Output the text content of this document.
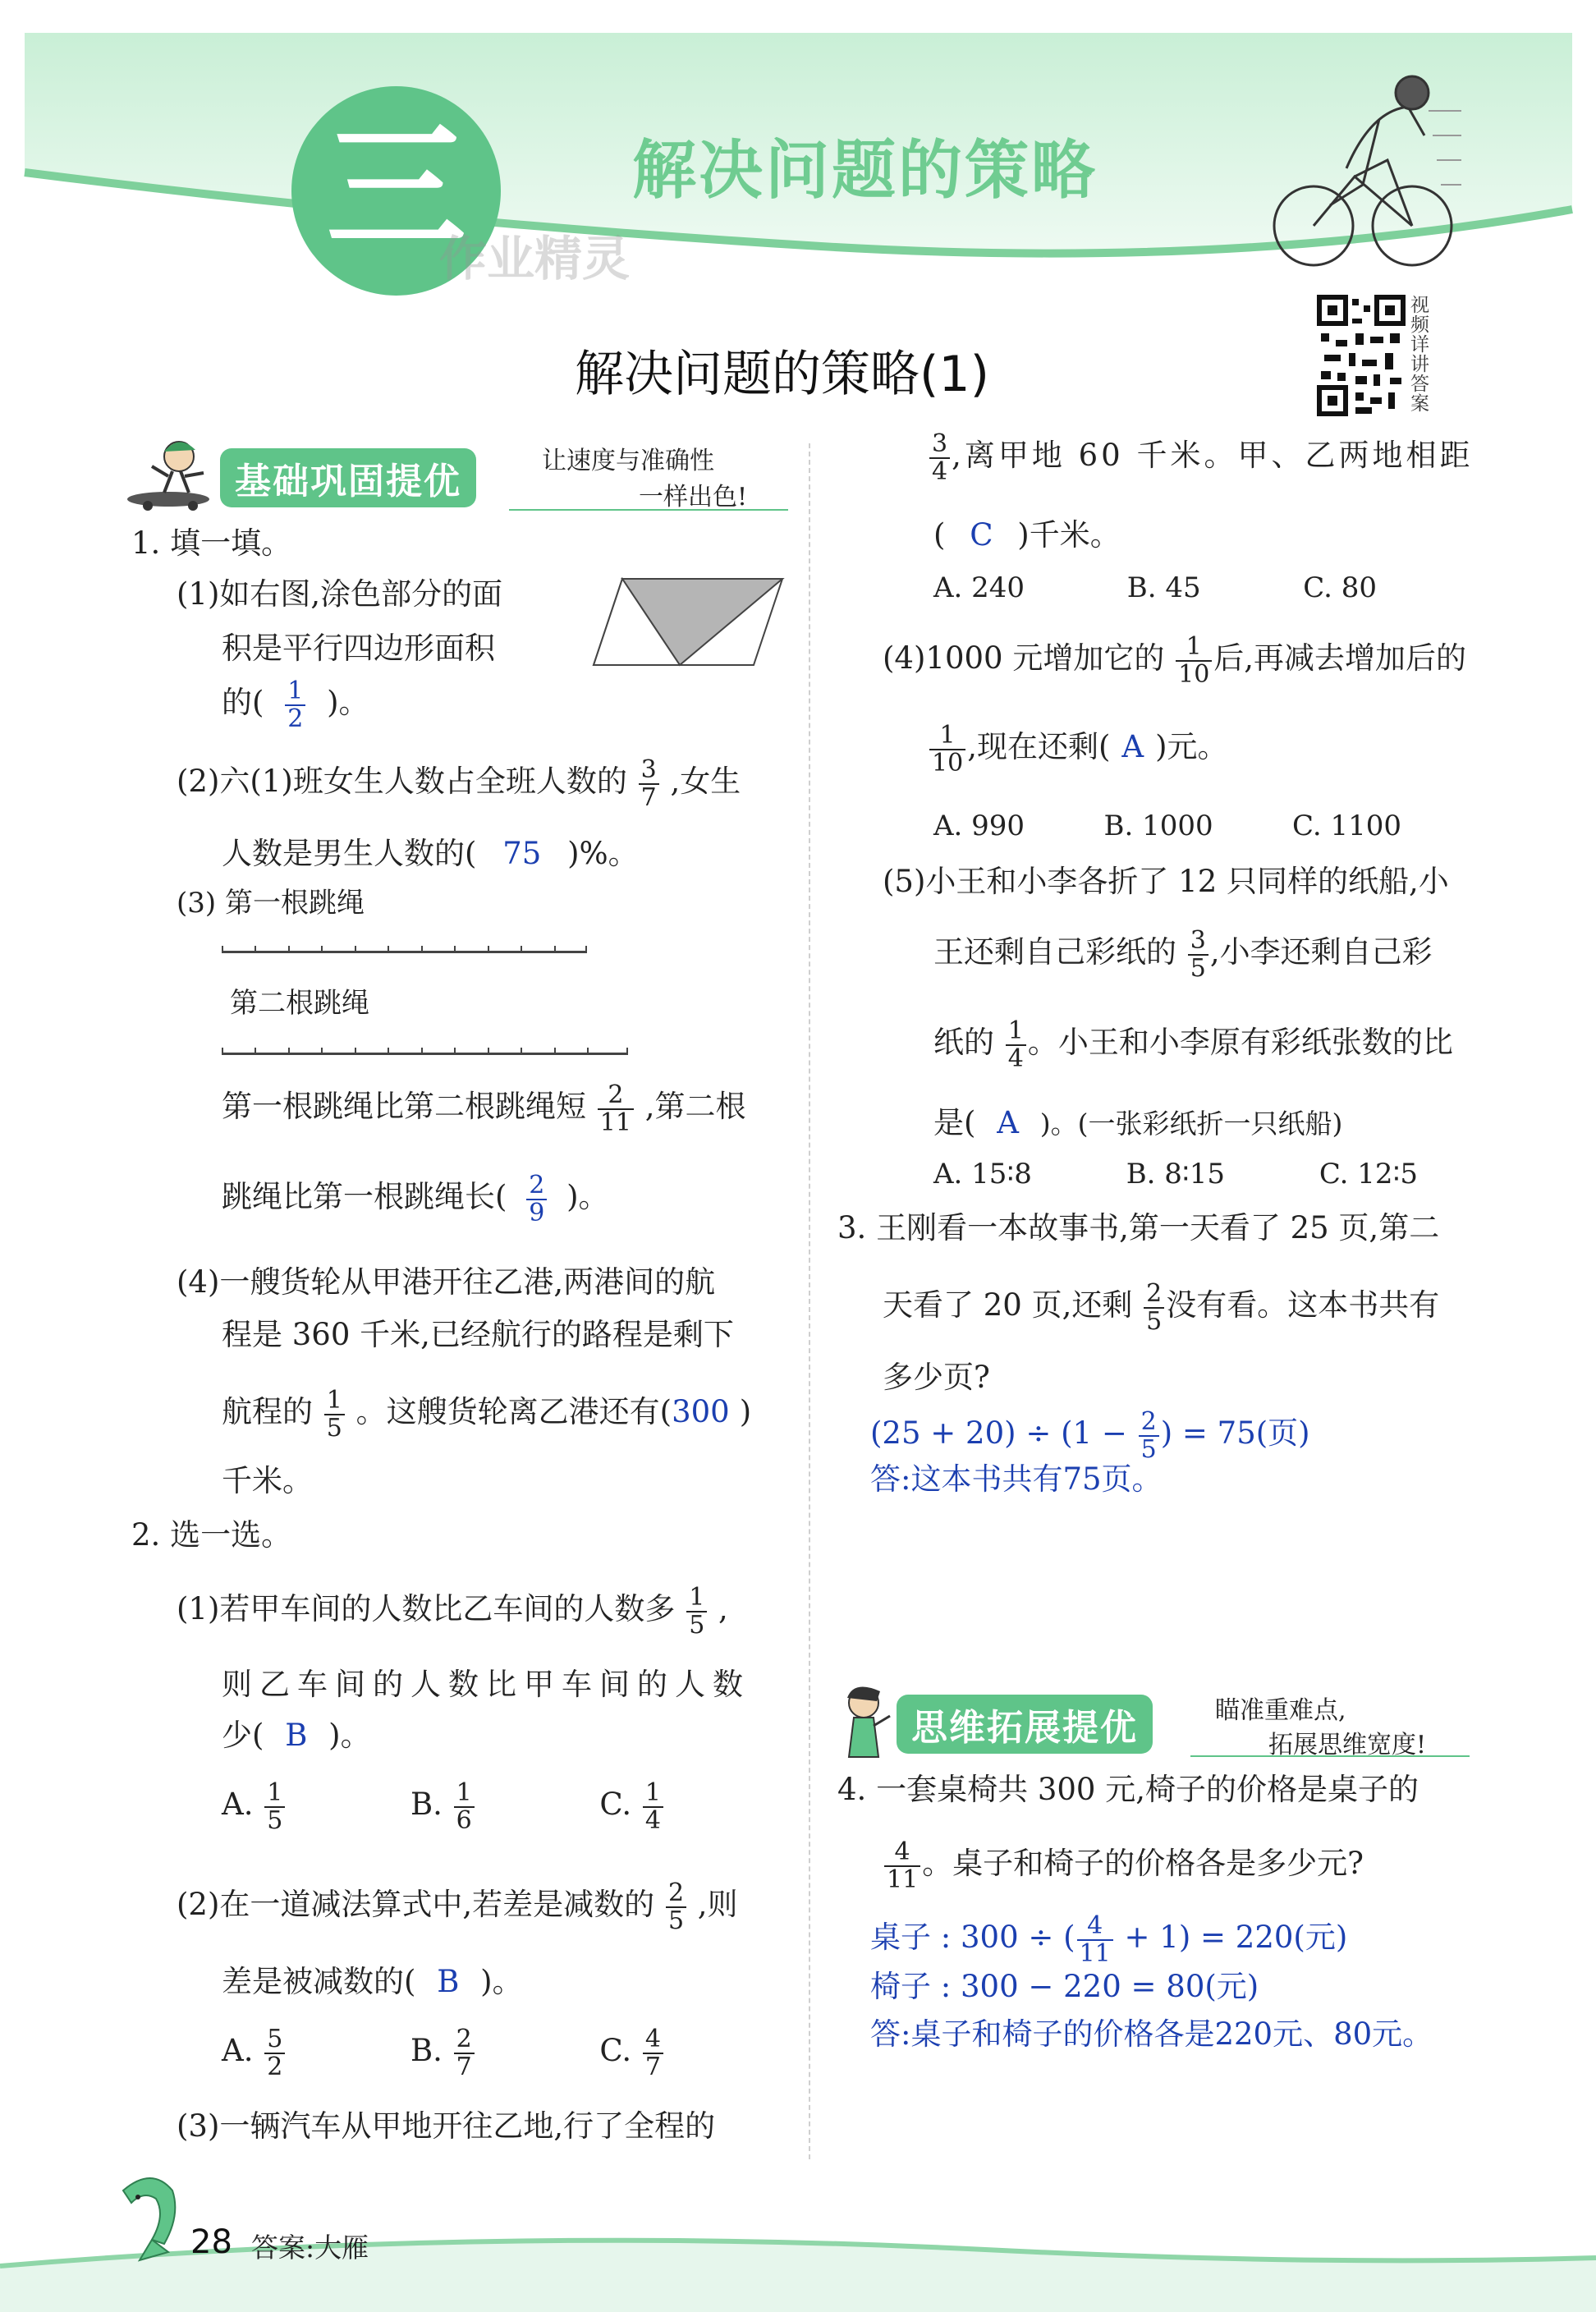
三	解决问题的策略
作业精灵
视频详讲答案
解决问题的策略(1)
基础巩固提优	让速度与准确性
一样出色!
1. 填一填。
(1)如右图,涂色部分的面
积是平行四边形面积
的( $\frac{1}{2}$ )。
(2)六(1)班女生人数占全班人数的 $\frac{3}{7}$ ,女生
人数是男生人数的( 75 )%。
(3) 第一根跳绳
第二根跳绳
第一根跳绳比第二根跳绳短 $\frac{2}{11}$ ,第二根
跳绳比第一根跳绳长( $\frac{2}{9}$ )。
(4)一艘货轮从甲港开往乙港,两港间的航
程是 360 千米,已经航行的路程是剩下
航程的 $\frac{1}{5}$ 。这艘货轮离乙港还有(300 )
千米。
2. 选一选。
(1)若甲车间的人数比乙车间的人数多 $\frac{1}{5}$ ,
则乙车间的人数比甲车间的人数
少( B )。
A. $\frac{1}{5}$	B. $\frac{1}{6}$	C. $\frac{1}{4}$
(2)在一道减法算式中,若差是减数的 $\frac{2}{5}$ ,则
差是被减数的( B )。
A. $\frac{5}{2}$	B. $\frac{2}{7}$	C. $\frac{4}{7}$
(3)一辆汽车从甲地开往乙地,行了全程的
$\frac{3}{4}$ ,离甲地 60 千米。甲、乙两地相距
( C )千米。
A. 240	B. 45	C. 80
(4)1000 元增加它的 $\frac{1}{10}$ 后,再减去增加后的
$\frac{1}{10}$ ,现在还剩( A )元。
A. 990	B. 1000	C. 1100
(5)小王和小李各折了 12 只同样的纸船,小
王还剩自己彩纸的 $\frac{3}{5}$ ,小李还剩自己彩
纸的 $\frac{1}{4}$ 。小王和小李原有彩纸张数的比
是( A )。(一张彩纸折一只纸船)
A. 15∶8	B. 8∶15	C. 12∶5
3. 王刚看一本故事书,第一天看了 25 页,第二
天看了 20 页,还剩 $\frac{2}{5}$ 没有看。这本书共有
多少页?
$(25 + 20) \div (1 - \frac{2}{5}$ ) = 75(页)
答:这本书共有75页。
思维拓展提优	瞄准重难点,
拓展思维宽度!
4. 一套桌椅共 300 元,椅子的价格是桌子的
$\frac{4}{11}$ 。桌子和椅子的价格各是多少元?
桌子 : 300 ÷ ( $\frac{4}{11} + 1) = 220$(元)
椅子 : 300 − 220 = 80(元)
答:桌子和椅子的价格各是220元、80元。
28 答案:大雁
